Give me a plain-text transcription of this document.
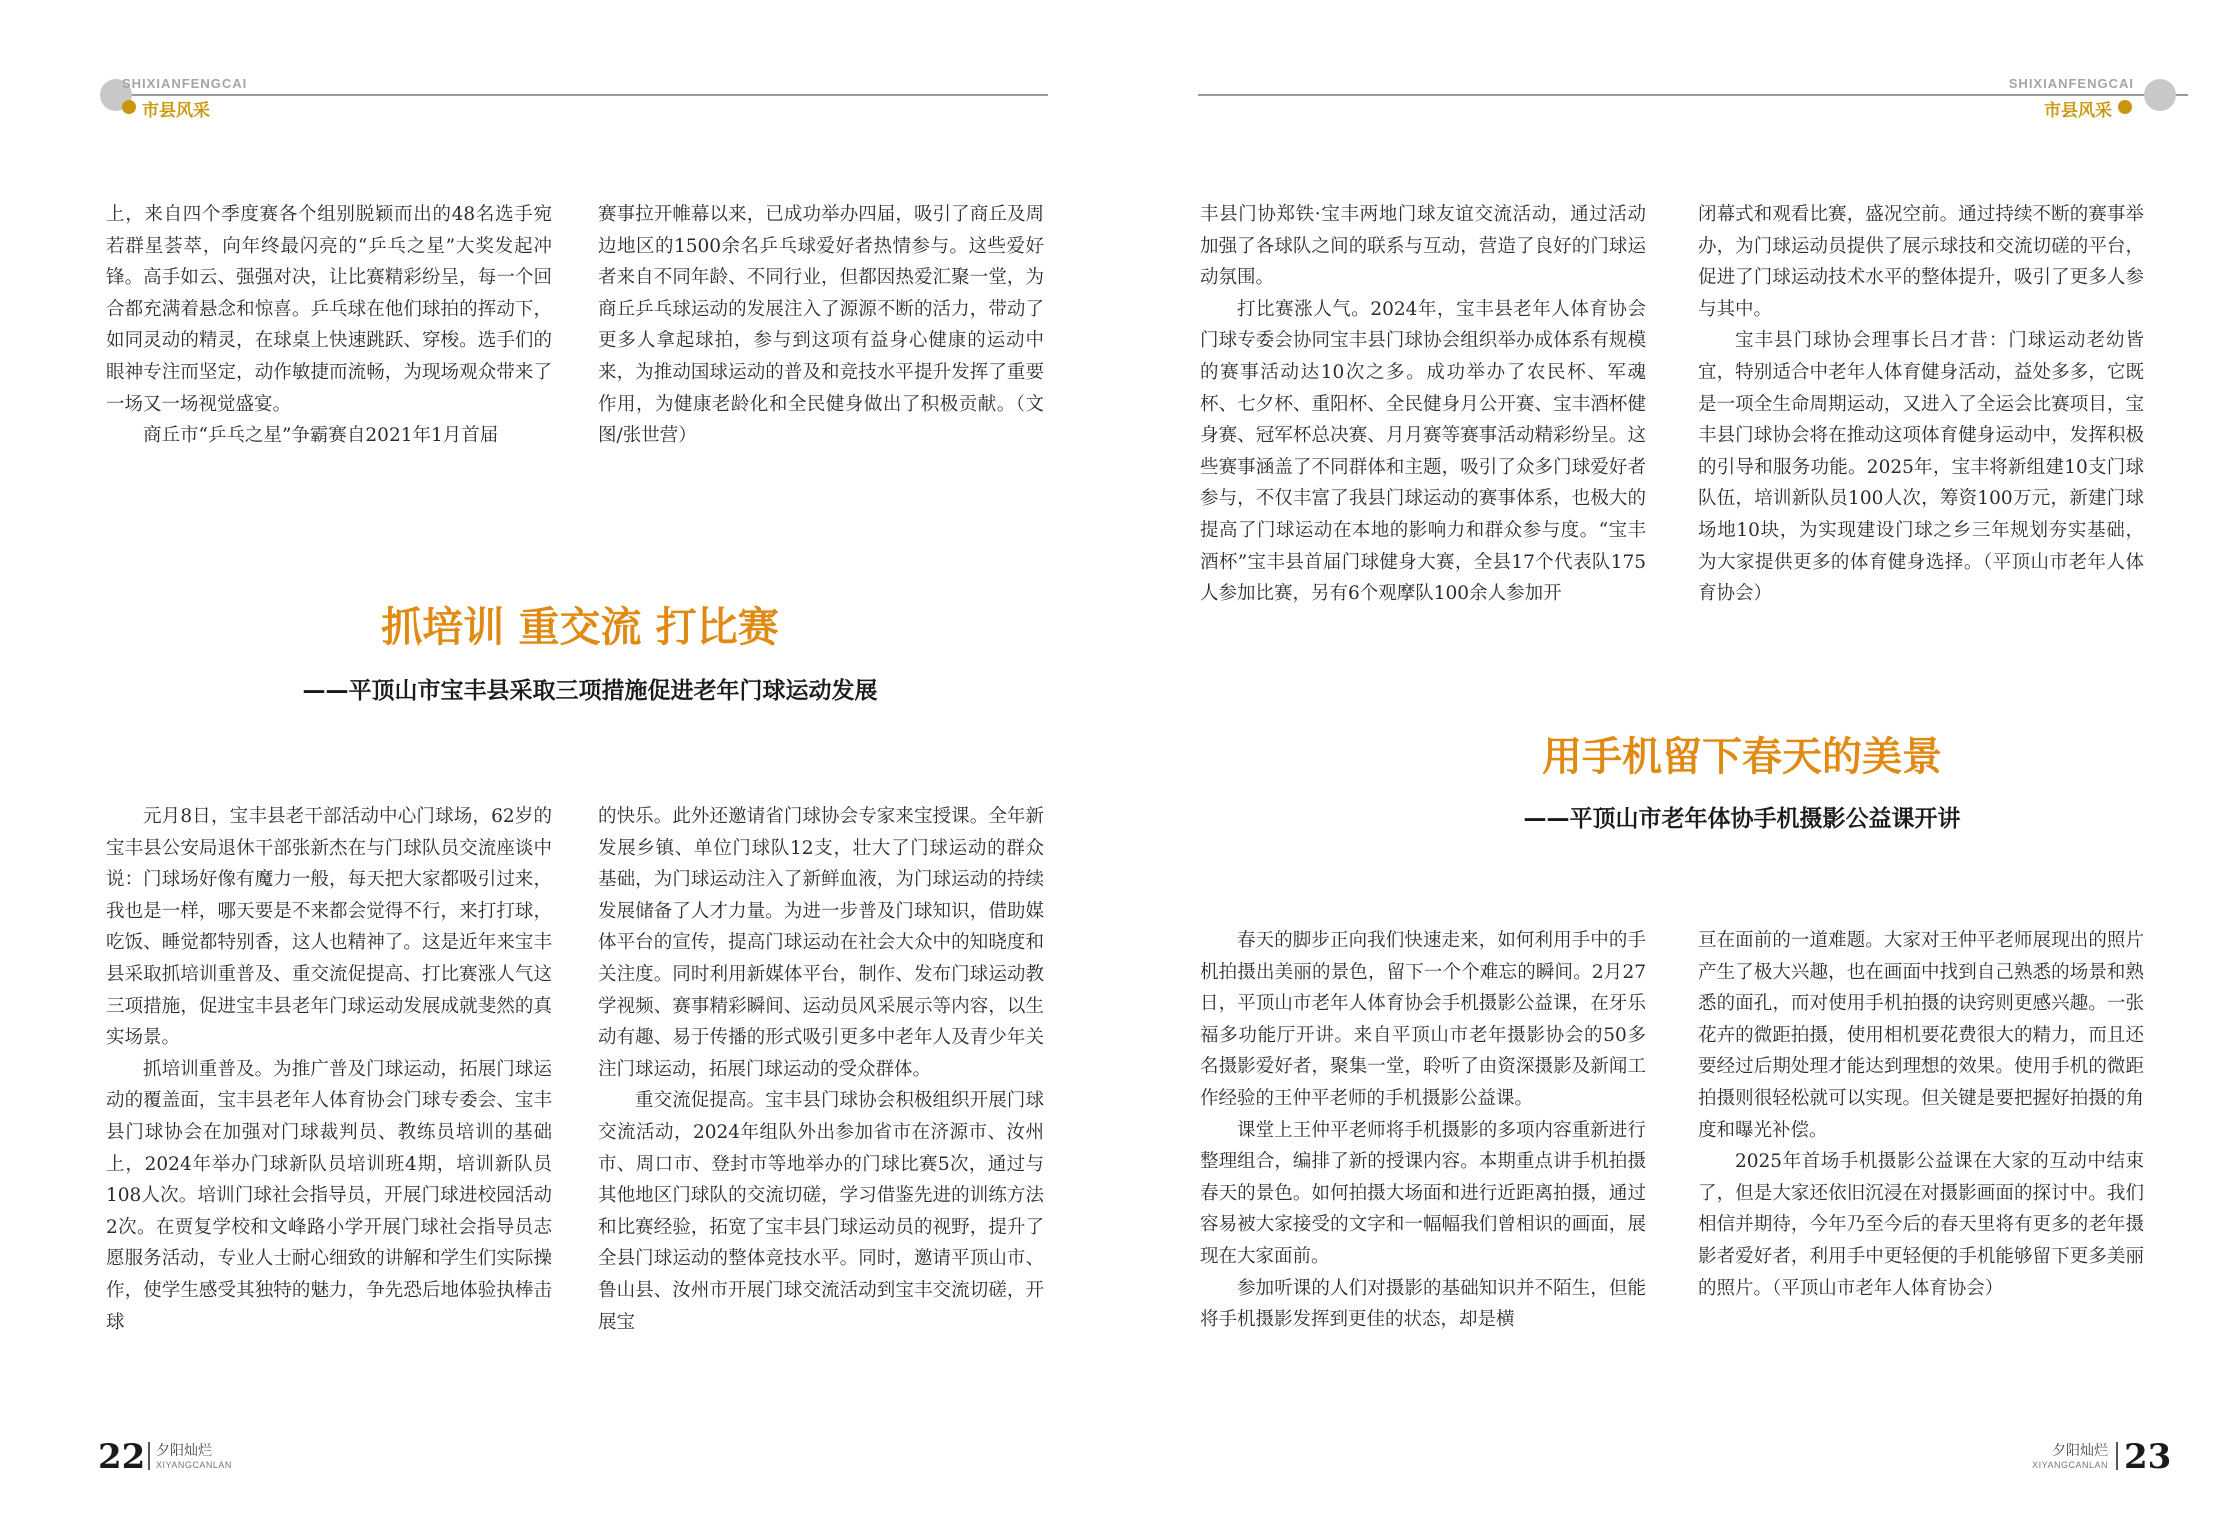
SHIXIANFENGCAI
市县风采

上，来自四个季度赛各个组别脱颖而出的48名选手宛若群星荟萃，向年终最闪亮的“乒乓之星”大奖发起冲锋。高手如云、强强对决，让比赛精彩纷呈，每一个回合都充满着悬念和惊喜。乒乓球在他们球拍的挥动下，如同灵动的精灵，在球桌上快速跳跃、穿梭。选手们的眼神专注而坚定，动作敏捷而流畅，为现场观众带来了一场又一场视觉盛宴。

商丘市“乒乓之星”争霸赛自2021年1月首届

赛事拉开帷幕以来，已成功举办四届，吸引了商丘及周边地区的1500余名乒乓球爱好者热情参与。这些爱好者来自不同年龄、不同行业，但都因热爱汇聚一堂，为商丘乒乓球运动的发展注入了源源不断的活力，带动了更多人拿起球拍，参与到这项有益身心健康的运动中来，为推动国球运动的普及和竞技水平提升发挥了重要作用，为健康老龄化和全民健身做出了积极贡献。（文图/张世营）

抓培训 重交流 打比赛
——平顶山市宝丰县采取三项措施促进老年门球运动发展

元月8日，宝丰县老干部活动中心门球场，62岁的宝丰县公安局退休干部张新杰在与门球队员交流座谈中说：门球场好像有魔力一般，每天把大家都吸引过来，我也是一样，哪天要是不来都会觉得不行，来打打球，吃饭、睡觉都特别香，这人也精神了。这是近年来宝丰县采取抓培训重普及、重交流促提高、打比赛涨人气这三项措施，促进宝丰县老年门球运动发展成就斐然的真实场景。

抓培训重普及。为推广普及门球运动，拓展门球运动的覆盖面，宝丰县老年人体育协会门球专委会、宝丰县门球协会在加强对门球裁判员、教练员培训的基础上，2024年举办门球新队员培训班4期，培训新队员108人次。培训门球社会指导员，开展门球进校园活动2次。在贾复学校和文峰路小学开展门球社会指导员志愿服务活动，专业人士耐心细致的讲解和学生们实际操作，使学生感受其独特的魅力，争先恐后地体验执棒击球

的快乐。此外还邀请省门球协会专家来宝授课。全年新发展乡镇、单位门球队12支，壮大了门球运动的群众基础，为门球运动注入了新鲜血液，为门球运动的持续发展储备了人才力量。为进一步普及门球知识，借助媒体平台的宣传，提高门球运动在社会大众中的知晓度和关注度。同时利用新媒体平台，制作、发布门球运动教学视频、赛事精彩瞬间、运动员风采展示等内容，以生动有趣、易于传播的形式吸引更多中老年人及青少年关注门球运动，拓展门球运动的受众群体。

重交流促提高。宝丰县门球协会积极组织开展门球交流活动，2024年组队外出参加省市在济源市、汝州市、周口市、登封市等地举办的门球比赛5次，通过与其他地区门球队的交流切磋，学习借鉴先进的训练方法和比赛经验，拓宽了宝丰县门球运动员的视野，提升了全县门球运动的整体竞技水平。同时，邀请平顶山市、鲁山县、汝州市开展门球交流活动到宝丰交流切磋，开展宝

22 夕阳灿烂
XIYANGCANLAN
SHIXIANFENGCAI
市县风采

丰县门协郑铁·宝丰两地门球友谊交流活动，通过活动加强了各球队之间的联系与互动，营造了良好的门球运动氛围。

打比赛涨人气。2024年，宝丰县老年人体育协会门球专委会协同宝丰县门球协会组织举办成体系有规模的赛事活动达10次之多。成功举办了农民杯、军魂杯、七夕杯、重阳杯、全民健身月公开赛、宝丰酒杯健身赛、冠军杯总决赛、月月赛等赛事活动精彩纷呈。这些赛事涵盖了不同群体和主题，吸引了众多门球爱好者参与，不仅丰富了我县门球运动的赛事体系，也极大的提高了门球运动在本地的影响力和群众参与度。“宝丰酒杯”宝丰县首届门球健身大赛，全县17个代表队175人参加比赛，另有6个观摩队100余人参加开

闭幕式和观看比赛，盛况空前。通过持续不断的赛事举办，为门球运动员提供了展示球技和交流切磋的平台，促进了门球运动技术水平的整体提升，吸引了更多人参与其中。

宝丰县门球协会理事长吕才昔：门球运动老幼皆宜，特别适合中老年人体育健身活动，益处多多，它既是一项全生命周期运动，又进入了全运会比赛项目，宝丰县门球协会将在推动这项体育健身运动中，发挥积极的引导和服务功能。2025年，宝丰将新组建10支门球队伍，培训新队员100人次，筹资100万元，新建门球场地10块，为实现建设门球之乡三年规划夯实基础，为大家提供更多的体育健身选择。（平顶山市老年人体育协会）

用手机留下春天的美景
——平顶山市老年体协手机摄影公益课开讲

春天的脚步正向我们快速走来，如何利用手中的手机拍摄出美丽的景色，留下一个个难忘的瞬间。2月27日，平顶山市老年人体育协会手机摄影公益课，在牙乐福多功能厅开讲。来自平顶山市老年摄影协会的50多名摄影爱好者，聚集一堂，聆听了由资深摄影及新闻工作经验的王仲平老师的手机摄影公益课。

课堂上王仲平老师将手机摄影的多项内容重新进行整理组合，编排了新的授课内容。本期重点讲手机拍摄春天的景色。如何拍摄大场面和进行近距离拍摄，通过容易被大家接受的文字和一幅幅我们曾相识的画面，展现在大家面前。

参加听课的人们对摄影的基础知识并不陌生，但能将手机摄影发挥到更佳的状态，却是横

亘在面前的一道难题。大家对王仲平老师展现出的照片产生了极大兴趣，也在画面中找到自己熟悉的场景和熟悉的面孔，而对使用手机拍摄的诀窍则更感兴趣。一张花卉的微距拍摄，使用相机要花费很大的精力，而且还要经过后期处理才能达到理想的效果。使用手机的微距拍摄则很轻松就可以实现。但关键是要把握好拍摄的角度和曝光补偿。

2025年首场手机摄影公益课在大家的互动中结束了，但是大家还依旧沉浸在对摄影画面的探讨中。我们相信并期待，今年乃至今后的春天里将有更多的老年摄影者爱好者，利用手中更轻便的手机能够留下更多美丽的照片。（平顶山市老年人体育协会）

夕阳灿烂
XIYANGCANLAN 23
